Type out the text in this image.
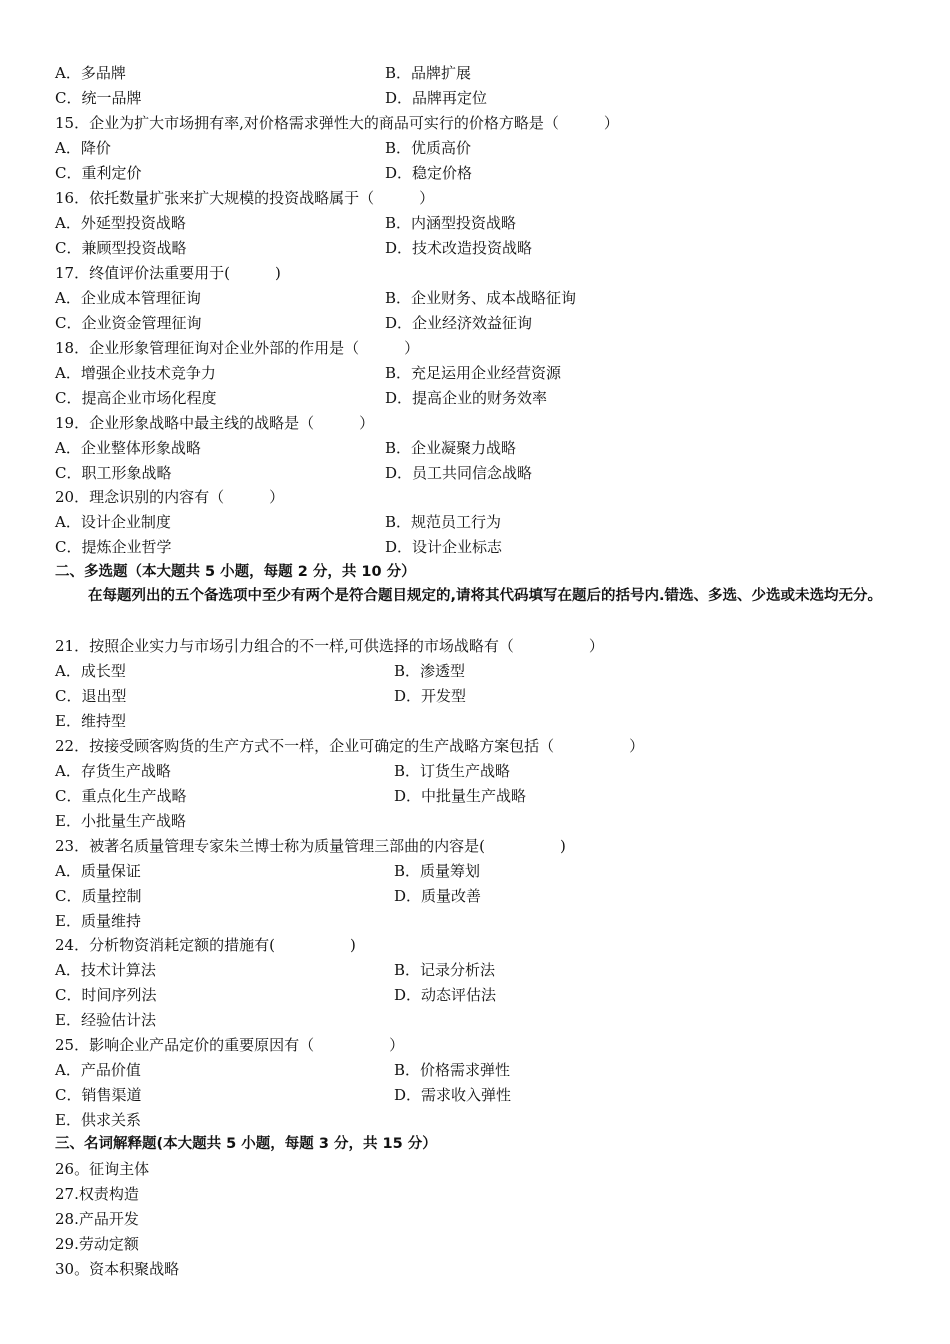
A．多品牌	B．品牌扩展
C．统一品牌	D．品牌再定位
15．企业为扩大市场拥有率,对价格需求弹性大的商品可实行的价格方略是（　　　）
A．降价	B．优质高价
C．重利定价	D．稳定价格
16．依托数量扩张来扩大规模的投资战略属于（　　　）
A．外延型投资战略	B．内涵型投资战略
C．兼顾型投资战略	D．技术改造投资战略
17．终值评价法重要用于(　　　)
A．企业成本管理征询	B．企业财务、成本战略征询
C．企业资金管理征询	D．企业经济效益征询
18．企业形象管理征询对企业外部的作用是（　　　）
A．增强企业技术竞争力	B．充足运用企业经营资源
C．提高企业市场化程度	D．提高企业的财务效率
19．企业形象战略中最主线的战略是（　　　）
A．企业整体形象战略	B．企业凝聚力战略
C．职工形象战略	D．员工共同信念战略
20．理念识别的内容有（　　　）
A．设计企业制度	B．规范员工行为
C．提炼企业哲学	D．设计企业标志
二、多选题（本大题共 5 小题，每题 2 分，共 10 分）
在每题列出的五个备选项中至少有两个是符合题目规定的,请将其代码填写在题后的括号内.错选、多选、少选或未选均无分。
21．按照企业实力与市场引力组合的不一样,可供选择的市场战略有（　　　　　）
A．成长型	B．渗透型
C．退出型	D．开发型
E．维持型
22．按接受顾客购货的生产方式不一样，企业可确定的生产战略方案包括（　　　　　）
A．存货生产战略	B．订货生产战略
C．重点化生产战略	D．中批量生产战略
E．小批量生产战略
23．被著名质量管理专家朱兰博士称为质量管理三部曲的内容是(　　　　　)
A．质量保证	B．质量筹划
C．质量控制	D．质量改善
E．质量维持
24．分析物资消耗定额的措施有(　　　　　)
A．技术计算法	B．记录分析法
C．时间序列法	D．动态评估法
E．经验估计法
25．影响企业产品定价的重要原因有（　　　　　）
A．产品价值	B．价格需求弹性
C．销售渠道	D．需求收入弹性
E．供求关系
三、名词解释题(本大题共 5 小题，每题 3 分，共 15 分）
26。征询主体
27.权责构造
28.产品开发
29.劳动定额
30。资本积聚战略
